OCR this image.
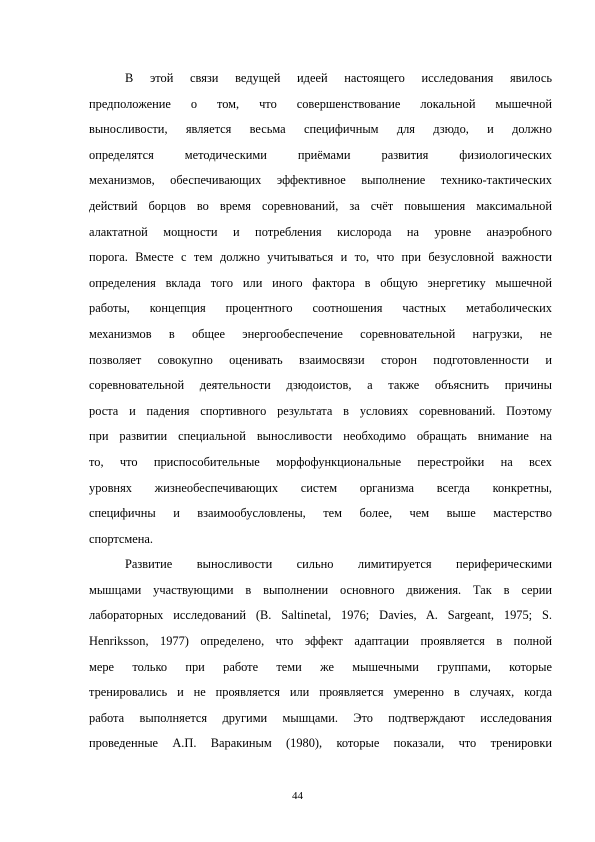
В этой связи ведущей идеей настоящего исследования явилось
предположение о том, что совершенствование локальной мышечной
выносливости, является весьма специфичным для дзюдо, и должно
определятся методическими приёмами развития физиологических
механизмов, обеспечивающих эффективное выполнение технико-тактических
действий борцов во время соревнований, за счёт повышения максимальной
алактатной мощности и потребления кислорода на уровне анаэробного
порога. Вместе с тем должно учитываться и то, что при безусловной важности
определения вклада того или иного фактора в общую энергетику мышечной
работы, концепция процентного соотношения частных метаболических
механизмов в общее энергообеспечение соревновательной нагрузки, не
позволяет совокупно оценивать взаимосвязи сторон подготовленности и
соревновательной деятельности дзюдоистов, а также объяснить причины
роста и падения спортивного результата в условиях соревнований. Поэтому
при развитии специальной выносливости необходимо обращать внимание на
то, что приспособительные морфофункциональные перестройки на всех
уровнях жизнеобеспечивающих систем организма всегда конкретны,
специфичны и взаимообусловлены, тем более, чем выше мастерство
спортсмена.

Развитие выносливости сильно лимитируется периферическими
мышцами участвующими в выполнении основного движения. Так в серии
лабораторных исследований (B. Saltinetal, 1976; Davies, A. Sargeant, 1975; S.
Henriksson, 1977) определено, что эффект адаптации проявляется в полной
мере только при работе теми же мышечными группами, которые
тренировались и не проявляется или проявляется умеренно в случаях, когда
работа выполняется другими мышцами. Это подтверждают исследования
проведенные А.П. Варакиным (1980), которые показали, что тренировки

44
